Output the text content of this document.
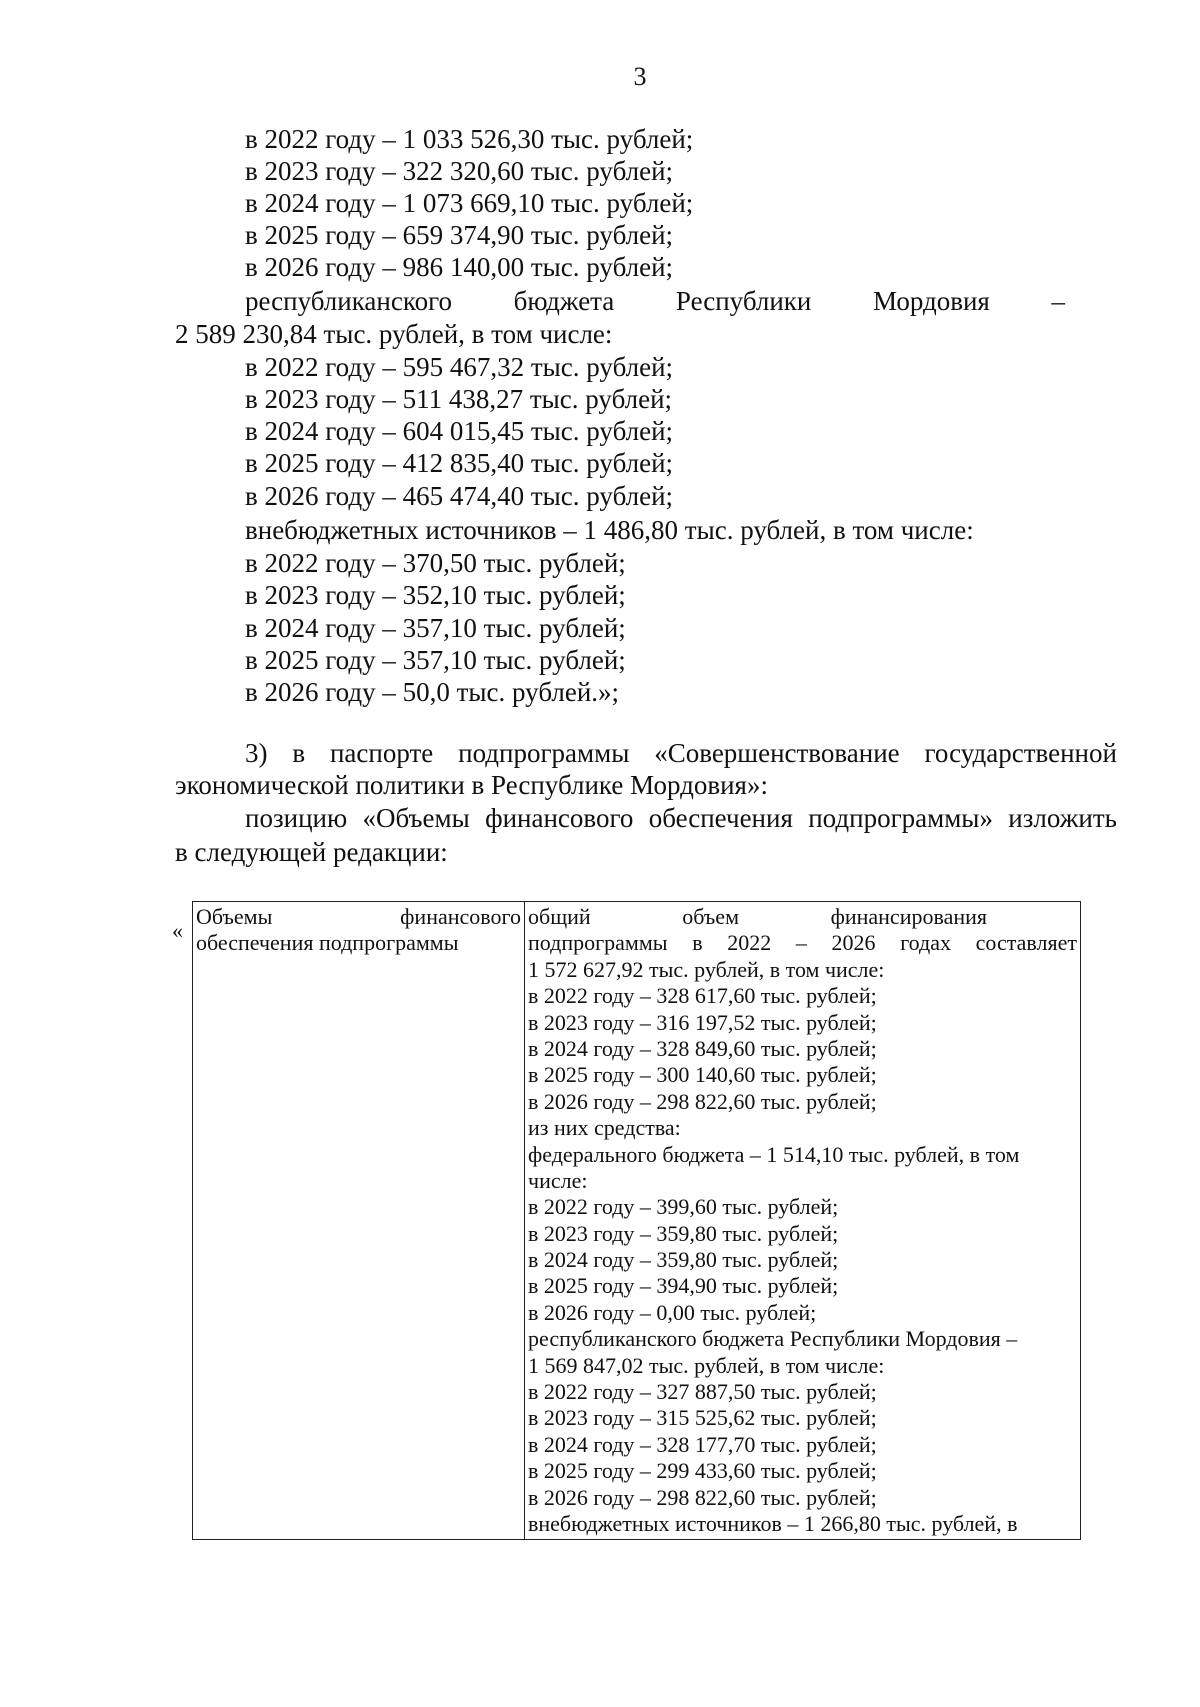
3
в 2022 году – 1 033 526,30 тыс. рублей;
в 2023 году – 322 320,60 тыс. рублей;
в 2024 году – 1 073 669,10 тыс. рублей;
в 2025 году – 659 374,90 тыс. рублей;
в 2026 году – 986 140,00 тыс. рублей;
республиканского бюджета Республики Мордовия –
2 589 230,84 тыс. рублей, в том числе:
в 2022 году – 595 467,32 тыс. рублей;
в 2023 году – 511 438,27 тыс. рублей;
в 2024 году – 604 015,45 тыс. рублей;
в 2025 году – 412 835,40 тыс. рублей;
в 2026 году – 465 474,40 тыс. рублей;
внебюджетных источников – 1 486,80 тыс. рублей, в том числе:
в 2022 году – 370,50 тыс. рублей;
в 2023 году – 352,10 тыс. рублей;
в 2024 году – 357,10 тыс. рублей;
в 2025 году – 357,10 тыс. рублей;
в 2026 году – 50,0 тыс. рублей.»;
3) в паспорте подпрограммы «Совершенствование государственной
экономической политики в Республике Мордовия»:
позицию «Объемы финансового обеспечения подпрограммы» изложить
в следующей редакции:
«
Объемы	финансового
обеспечения подпрограммы

общий	объем	финансирования
подпрограммы в 2022 – 2026 годах составляет
1 572 627,92 тыс. рублей, в том числе:
в 2022 году – 328 617,60 тыс. рублей;
в 2023 году – 316 197,52 тыс. рублей;
в 2024 году – 328 849,60 тыс. рублей;
в 2025 году – 300 140,60 тыс. рублей;
в 2026 году – 298 822,60 тыс. рублей;
из них средства:
федерального бюджета – 1 514,10 тыс. рублей, в том
числе:
в 2022 году – 399,60 тыс. рублей;
в 2023 году – 359,80 тыс. рублей;
в 2024 году – 359,80 тыс. рублей;
в 2025 году – 394,90 тыс. рублей;
в 2026 году – 0,00 тыс. рублей;
республиканского бюджета Республики Мордовия –
1 569 847,02 тыс. рублей, в том числе:
в 2022 году – 327 887,50 тыс. рублей;
в 2023 году – 315 525,62 тыс. рублей;
в 2024 году – 328 177,70 тыс. рублей;
в 2025 году – 299 433,60 тыс. рублей;
в 2026 году – 298 822,60 тыс. рублей;
внебюджетных источников – 1 266,80 тыс. рублей, в
